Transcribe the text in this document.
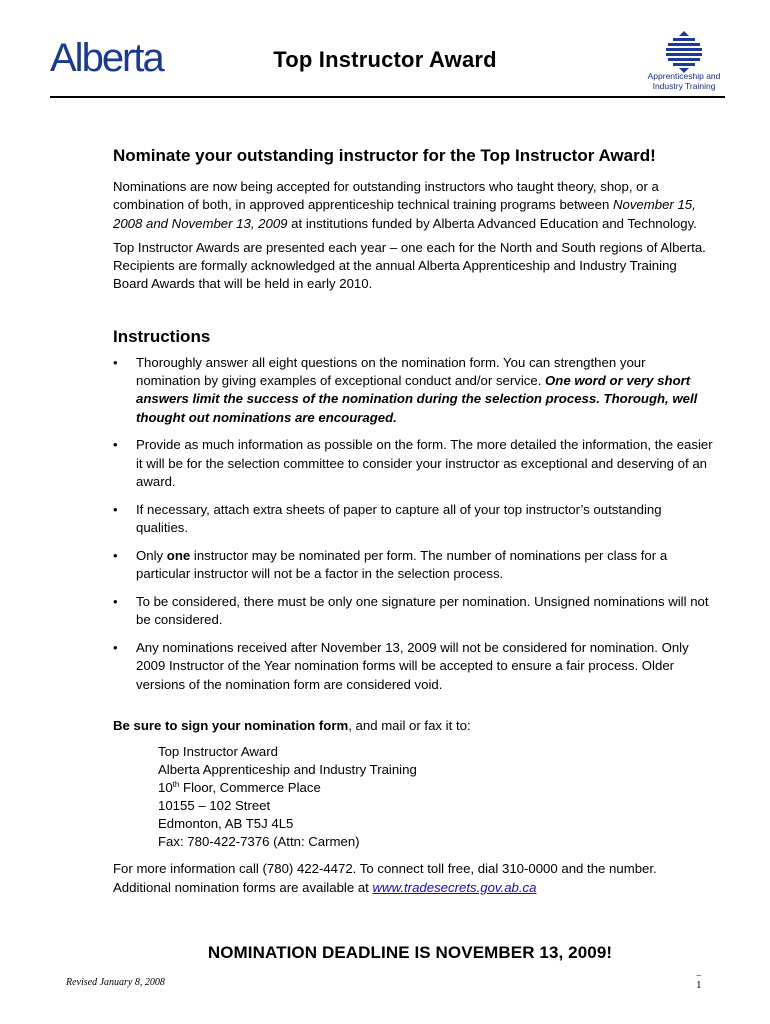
Alberta	Top Instructor Award
Apprenticeship and
Industry Training
Nominate your outstanding instructor for the Top Instructor Award!

Nominations are now being accepted for outstanding instructors who taught theory, shop, or a combination of both, in approved apprenticeship technical training programs between November 15, 2008 and November 13, 2009 at institutions funded by Alberta Advanced Education and Technology.

Top Instructor Awards are presented each year – one each for the North and South regions of Alberta. Recipients are formally acknowledged at the annual Alberta Apprenticeship and Industry Training Board Awards that will be held in early 2010.

Instructions
• Thoroughly answer all eight questions on the nomination form. You can strengthen your nomination by giving examples of exceptional conduct and/or service. One word or very short answers limit the success of the nomination during the selection process. Thorough, well thought out nominations are encouraged.
• Provide as much information as possible on the form. The more detailed the information, the easier it will be for the selection committee to consider your instructor as exceptional and deserving of an award.
• If necessary, attach extra sheets of paper to capture all of your top instructor’s outstanding qualities.
• Only one instructor may be nominated per form. The number of nominations per class for a particular instructor will not be a factor in the selection process.
• To be considered, there must be only one signature per nomination. Unsigned nominations will not be considered.
• Any nominations received after November 13, 2009 will not be considered for nomination. Only 2009 Instructor of the Year nomination forms will be accepted to ensure a fair process. Older versions of the nomination form are considered void.

Be sure to sign your nomination form, and mail or fax it to:

Top Instructor Award
Alberta Apprenticeship and Industry Training
10th Floor, Commerce Place
10155 – 102 Street
Edmonton, AB T5J 4L5
Fax: 780-422-7376 (Attn: Carmen)

For more information call (780) 422-4472. To connect toll free, dial 310-0000 and the number.
Additional nomination forms are available at www.tradesecrets.gov.ab.ca

NOMINATION DEADLINE IS NOVEMBER 13, 2009!
Revised January 8, 2008
–
1
